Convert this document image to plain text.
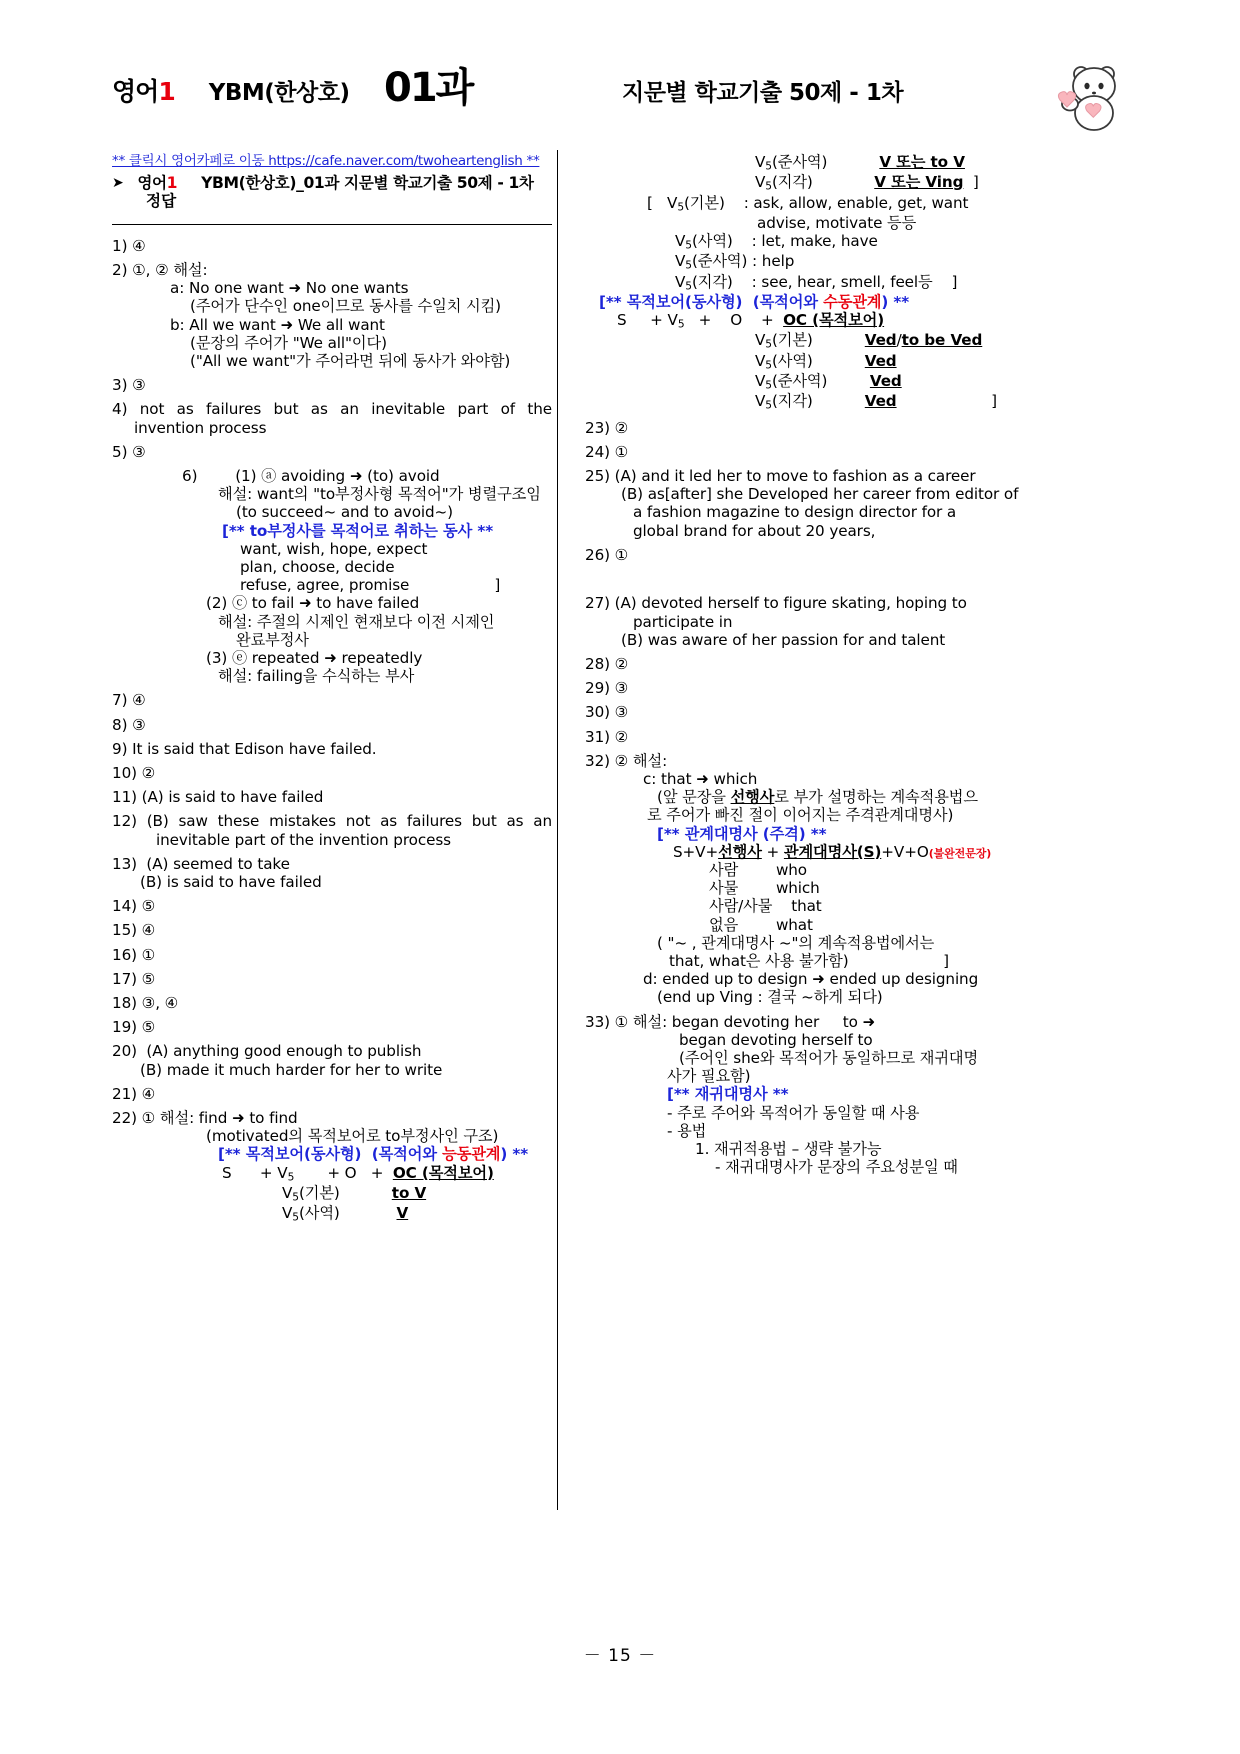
영어1 YBM(한상호) 01과	지문별 학교기출 50제 - 1차
** 클릭시 영어카페로 이동 https://cafe.naver.com/twoheartenglish **
➤ 영어1 YBM(한상호)_01과 지문별 학교기출 50제 - 1차
정답
1) ④
2) ①, ② 해설:
a: No one want ➜ No one wants
(주어가 단수인 one이므로 동사를 수일치 시킴)
b: All we want ➜ We all want
(문장의 주어가 "We all"이다)
("All we want"가 주어라면 뒤에 동사가 와야함)
3) ③
4) not as failures but as an inevitable part of the
invention process
5) ③
6)        (1) ⓐ avoiding ➜ (to) avoid
해설: want의 "to부정사형 목적어"가 병렬구조임
(to succeed~ and to avoid~)
[** to부정사를 목적어로 취하는 동사 **
want, wish, hope, expect
plan, choose, decide
refuse, agree, promise                  ]
(2) ⓒ to fail ➜ to have failed
해설: 주절의 시제인 현재보다 이전 시제인
완료부정사
(3) ⓔ repeated ➜ repeatedly
해설: failing을 수식하는 부사
7) ④
8) ③
9) It is said that Edison have failed.
10) ②
11) (A) is said to have failed
12) (B) saw these mistakes not as failures but as an
inevitable part of the invention process
13)  (A) seemed to take
(B) is said to have failed
14) ⑤
15) ④
16) ①
17) ⑤
18) ③, ④
19) ⑤
20)  (A) anything good enough to publish
(B) made it much harder for her to write
21) ④
22) ① 해설: find ➜ to find
(motivated의 목적보어로 to부정사인 구조)
[** 목적보어(동사형)  (목적어와 능동관계) **
S      + $V_5$       + O   +  OC (목적보어)
$V_5$(기본)           to V
$V_5$(사역)            V
$V_5$(준사역)           V 또는 to V
$V_5$(지각)             V 또는 Ving  ]
[   $V_5$(기본)    : ask, allow, enable, get, want
advise, motivate 등등
$V_5$(사역)    : let, make, have
$V_5$(준사역) : help
$V_5$(지각)    : see, hear, smell, feel등    ]
[** 목적보어(동사형)  (목적어와 수동관계) **
S     + $V_5$   +    O    +  OC (목적보어)
$V_5$(기본)           Ved/to be Ved
$V_5$(사역)           Ved
$V_5$(준사역)         Ved
$V_5$(지각)           Ved                    ]
23) ②
24) ①
25) (A) and it led her to move to fashion as a career
(B) as[after] she Developed her career from editor of
a fashion magazine to design director for a
global brand for about 20 years,
26) ①

27) (A) devoted herself to figure skating, hoping to
participate in
(B) was aware of her passion for and talent
28) ②
29) ③
30) ③
31) ②
32) ② 해설:
c: that ➜ which
(앞 문장을 선행사로 부가 설명하는 계속적용법으
로 주어가 빠진 절이 이어지는 주격관계대명사)
[** 관계대명사 (주격) **
S+V+선행사 + 관계대명사(S)+V+O(불완전문장)
사람        who
사물        which
사람/사물    that
없음        what
( "~ , 관계대명사 ~"의 계속적용법에서는
that, what은 사용 불가함)                    ]
d: ended up to design ➜ ended up designing
(end up Ving : 결국 ~하게 되다)
33) ① 해설: began devoting her     to ➜
began devoting herself to
(주어인 she와 목적어가 동일하므로 재귀대명
사가 필요함)
[** 재귀대명사 **
- 주로 주어와 목적어가 동일할 때 사용
- 용법
1. 재귀적용법 – 생략 불가능
- 재귀대명사가 문장의 주요성분일 때
－ 15 －
